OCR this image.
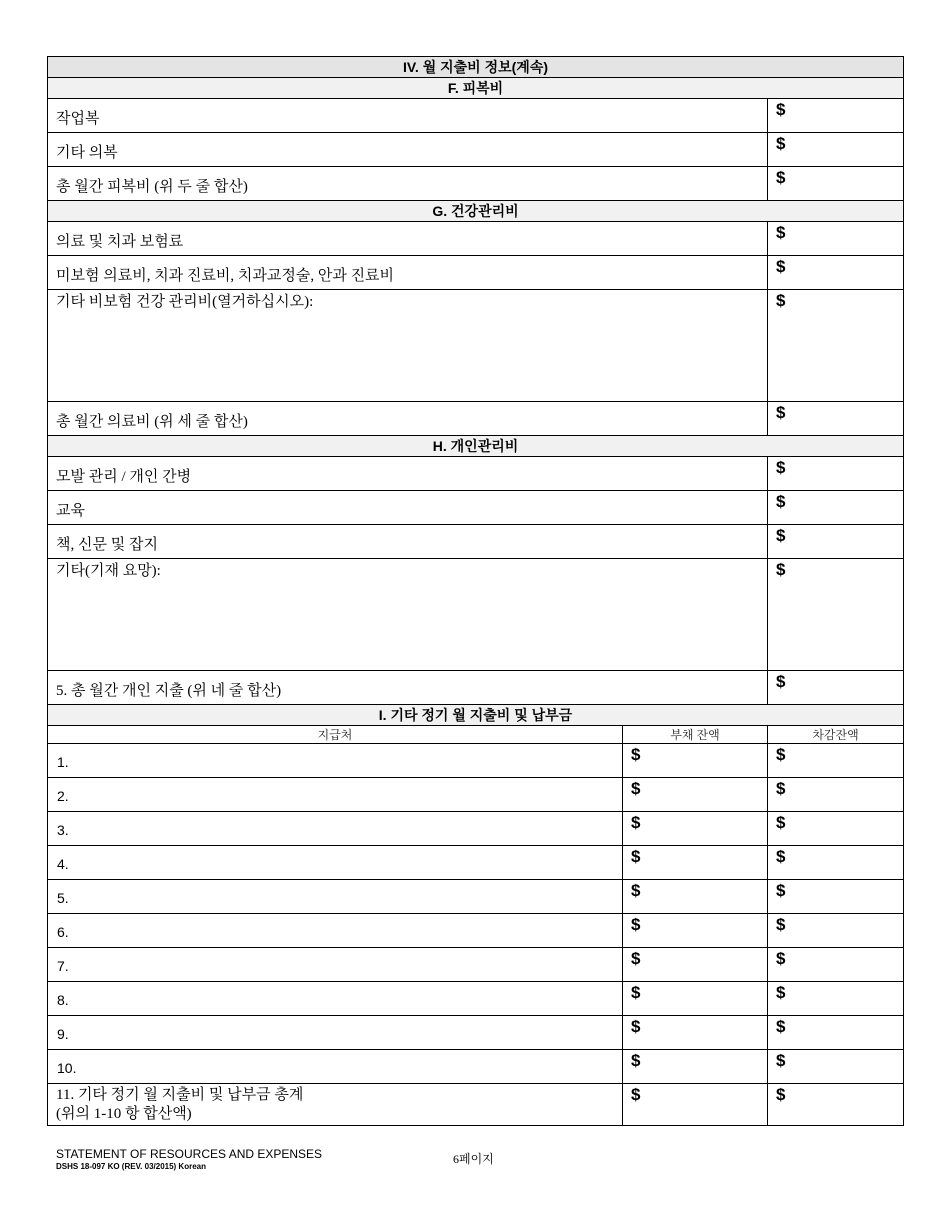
IV. 월 지출비 정보(계속)		
F. 피복비		
작업복		$
기타 의복		$
총 월간 피복비 (위 두 줄 합산)		$
G. 건강관리비		
의료 및 치과 보험료		$
미보험 의료비, 치과 진료비, 치과교정술, 안과 진료비		$
기타 비보험 건강 관리비(열거하십시오):		$
총 월간 의료비 (위 세 줄 합산)		$
H. 개인관리비		
모발 관리 / 개인 간병		$
교육		$
책, 신문 및 잡지		$
기타(기재 요망):		$
5. 총 월간 개인 지출 (위 네 줄 합산)		$
I. 기타 정기 월 지출비 및 납부금		
지급처	부채 잔액	차감잔액
1.	$	$
2.	$	$
3.	$	$
4.	$	$
5.	$	$
6.	$	$
7.	$	$
8.	$	$
9.	$	$
10.	$	$

11. 기타 정기 월 지출비 및 납부금 총계
(위의 1-10 항 합산액)	$	$
STATEMENT OF RESOURCES AND EXPENSES
DSHS 18-097 KO (REV. 03/2015) Korean
6페이지
